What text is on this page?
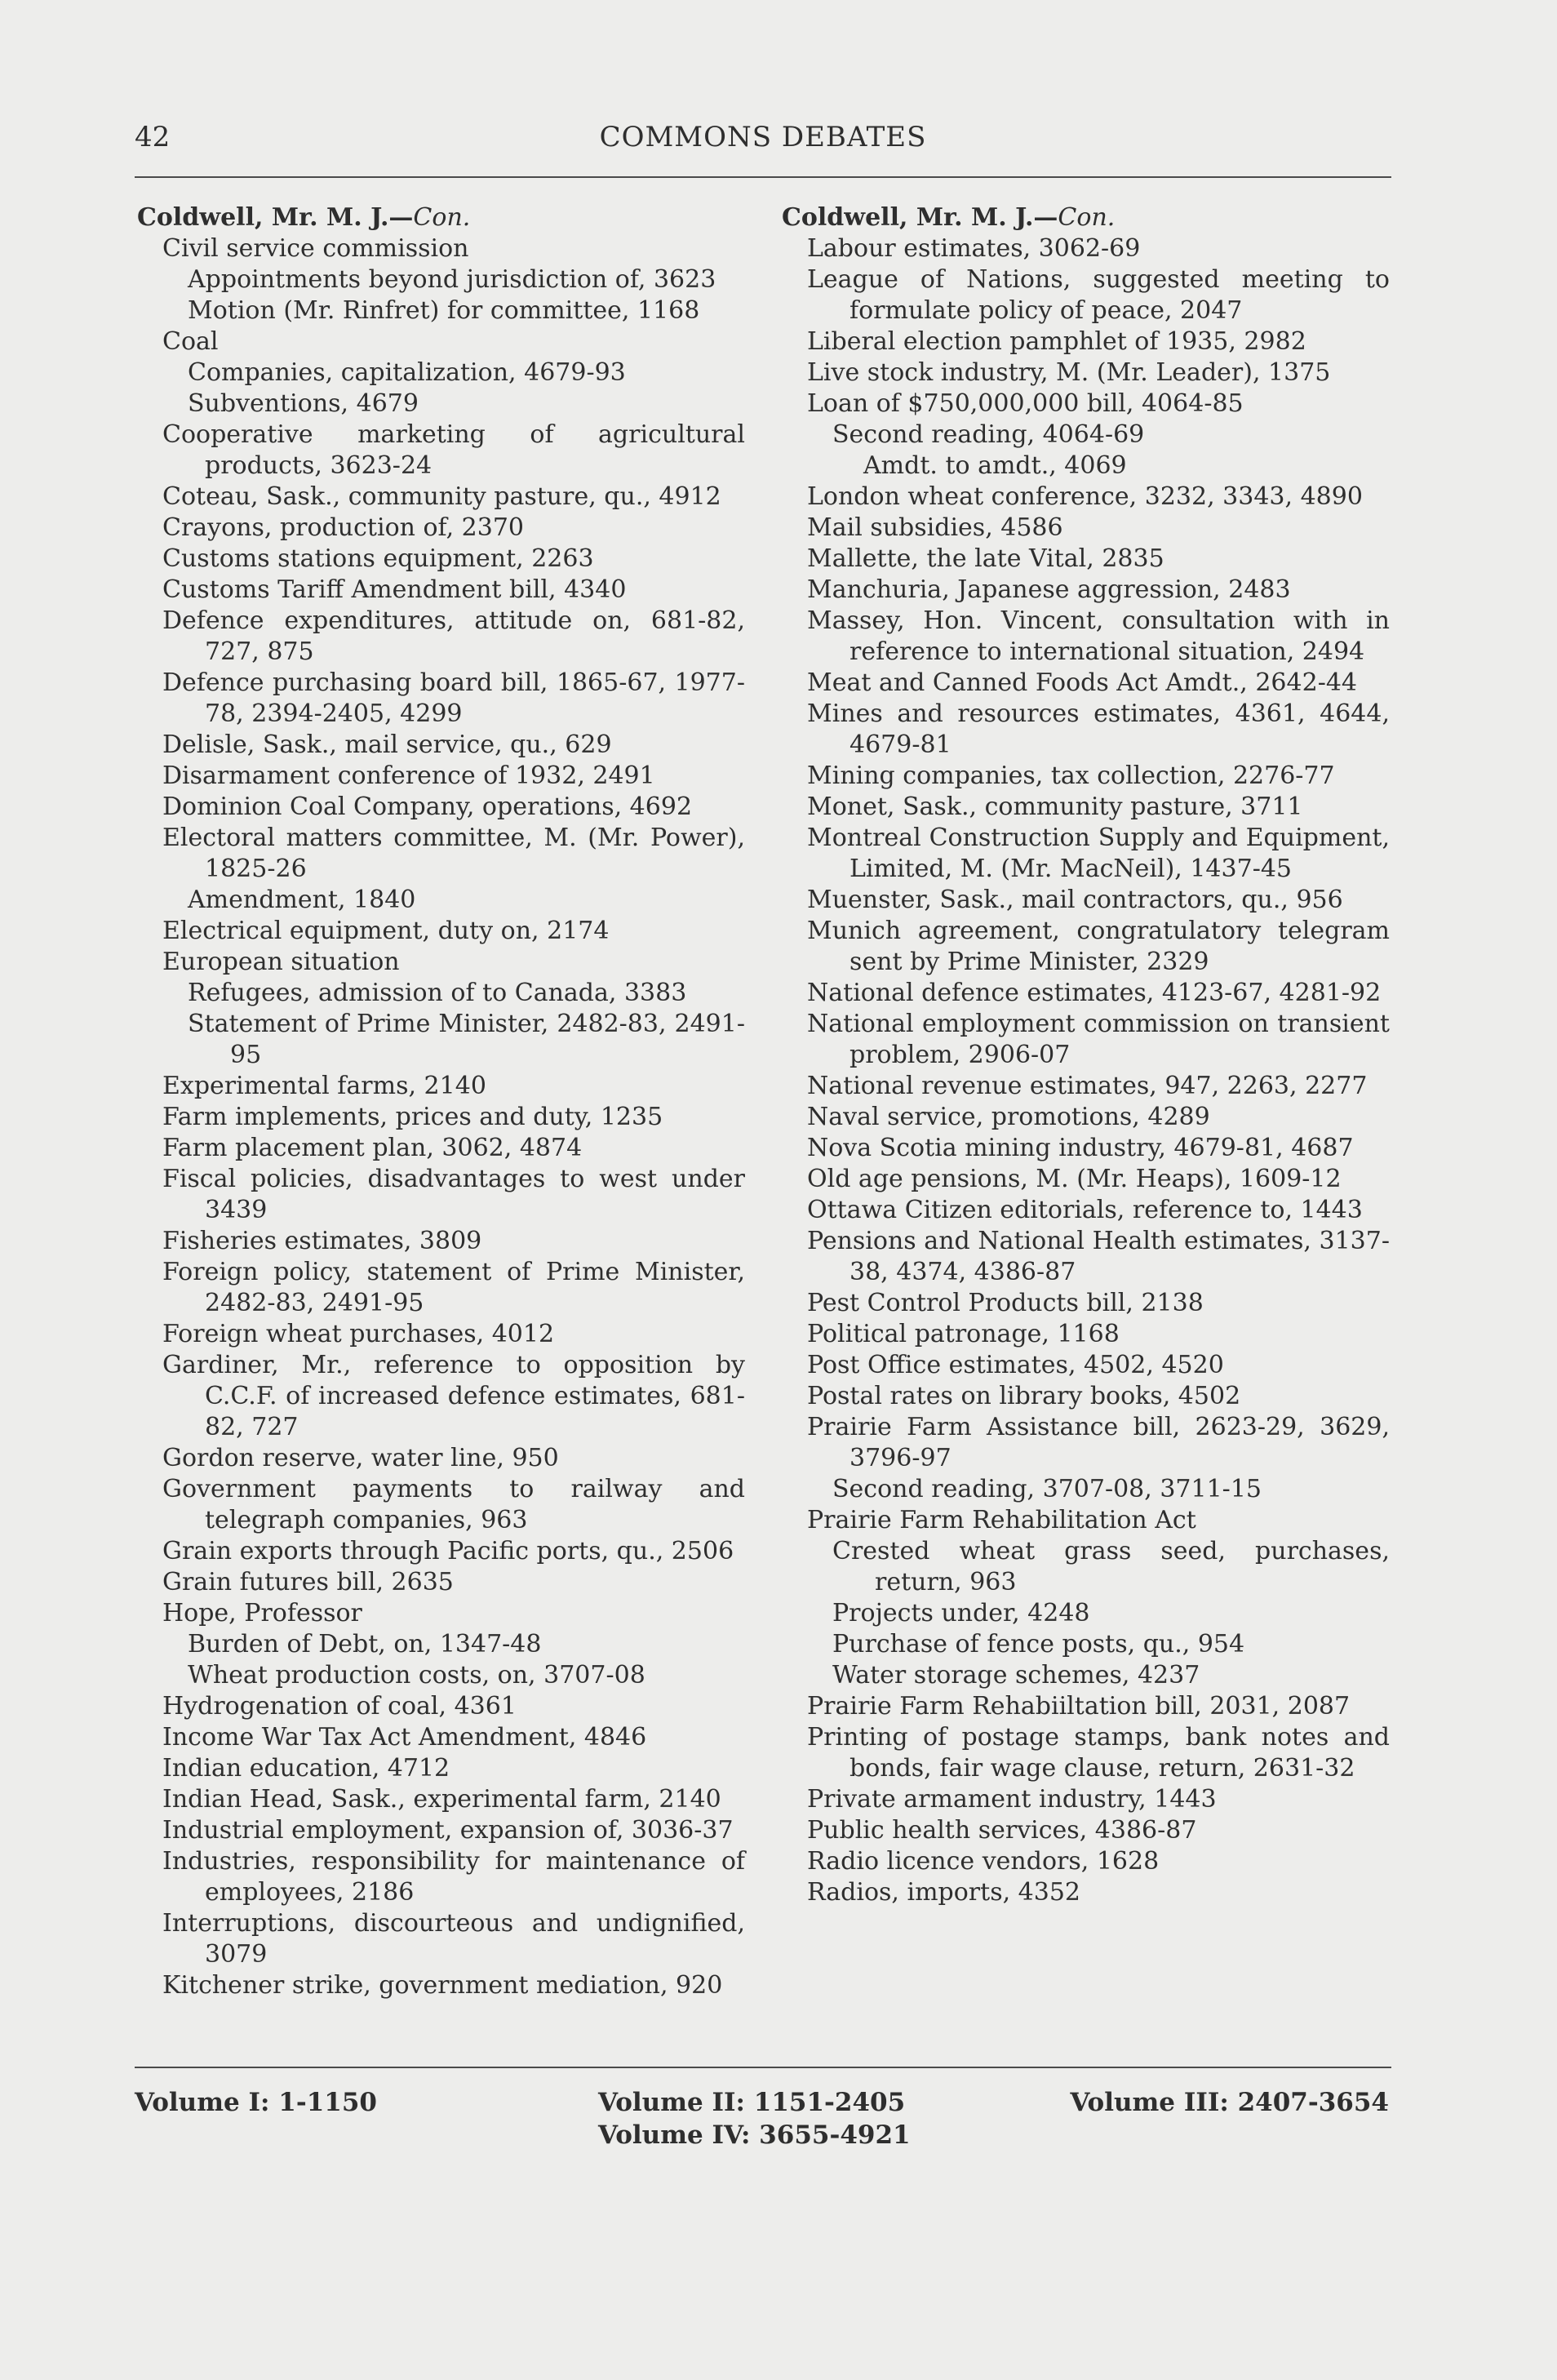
42	COMMONS DEBATES
Coldwell, Mr. M. J.—Con.

Civil service commission

Appointments beyond jurisdiction of, 3623

Motion (Mr. Rinfret) for committee, 1168

Coal

Companies, capitalization, 4679-93

Subventions, 4679

Cooperative marketing of agricultural products, 3623-24

Coteau, Sask., community pasture, qu., 4912

Crayons, production of, 2370

Customs stations equipment, 2263

Customs Tariff Amendment bill, 4340

Defence expenditures, attitude on, 681-82, 727, 875

Defence purchasing board bill, 1865-67, 1977-78, 2394-2405, 4299

Delisle, Sask., mail service, qu., 629

Disarmament conference of 1932, 2491

Dominion Coal Company, operations, 4692

Electoral matters committee, M. (Mr. Power), 1825-26

Amendment, 1840

Electrical equipment, duty on, 2174

European situation

Refugees, admission of to Canada, 3383

Statement of Prime Minister, 2482-83, 2491-95

Experimental farms, 2140

Farm implements, prices and duty, 1235

Farm placement plan, 3062, 4874

Fiscal policies, disadvantages to west under 3439

Fisheries estimates, 3809

Foreign policy, statement of Prime Minister, 2482-83, 2491-95

Foreign wheat purchases, 4012

Gardiner, Mr., reference to opposition by C.C.F. of increased defence estimates, 681-82, 727

Gordon reserve, water line, 950

Government payments to railway and telegraph companies, 963

Grain exports through Pacific ports, qu., 2506

Grain futures bill, 2635

Hope, Professor

Burden of Debt, on, 1347-48

Wheat production costs, on, 3707-08

Hydrogenation of coal, 4361

Income War Tax Act Amendment, 4846

Indian education, 4712

Indian Head, Sask., experimental farm, 2140

Industrial employment, expansion of, 3036-37

Industries, responsibility for maintenance of employees, 2186

Interruptions, discourteous and undignified, 3079

Kitchener strike, government mediation, 920

Coldwell, Mr. M. J.—Con.

Labour estimates, 3062-69

League of Nations, suggested meeting to formulate policy of peace, 2047

Liberal election pamphlet of 1935, 2982

Live stock industry, M. (Mr. Leader), 1375

Loan of $750,000,000 bill, 4064-85

Second reading, 4064-69

Amdt. to amdt., 4069

London wheat conference, 3232, 3343, 4890

Mail subsidies, 4586

Mallette, the late Vital, 2835

Manchuria, Japanese aggression, 2483

Massey, Hon. Vincent, consultation with in reference to international situation, 2494

Meat and Canned Foods Act Amdt., 2642-44

Mines and resources estimates, 4361, 4644, 4679-81

Mining companies, tax collection, 2276-77

Monet, Sask., community pasture, 3711

Montreal Construction Supply and Equipment, Limited, M. (Mr. MacNeil), 1437-45

Muenster, Sask., mail contractors, qu., 956

Munich agreement, congratulatory telegram sent by Prime Minister, 2329

National defence estimates, 4123-67, 4281-92

National employment commission on transient problem, 2906-07

National revenue estimates, 947, 2263, 2277

Naval service, promotions, 4289

Nova Scotia mining industry, 4679-81, 4687

Old age pensions, M. (Mr. Heaps), 1609-12

Ottawa Citizen editorials, reference to, 1443

Pensions and National Health estimates, 3137-38, 4374, 4386-87

Pest Control Products bill, 2138

Political patronage, 1168

Post Office estimates, 4502, 4520

Postal rates on library books, 4502

Prairie Farm Assistance bill, 2623-29, 3629, 3796-97

Second reading, 3707-08, 3711-15

Prairie Farm Rehabilitation Act

Crested wheat grass seed, purchases, return, 963

Projects under, 4248

Purchase of fence posts, qu., 954

Water storage schemes, 4237

Prairie Farm Rehabiiltation bill, 2031, 2087

Printing of postage stamps, bank notes and bonds, fair wage clause, return, 2631-32

Private armament industry, 1443

Public health services, 4386-87

Radio licence vendors, 1628

Radios, imports, 4352

Volume I: 1-1150	Volume II: 1151-2405
Volume IV: 3655-4921
Volume III: 2407-3654
